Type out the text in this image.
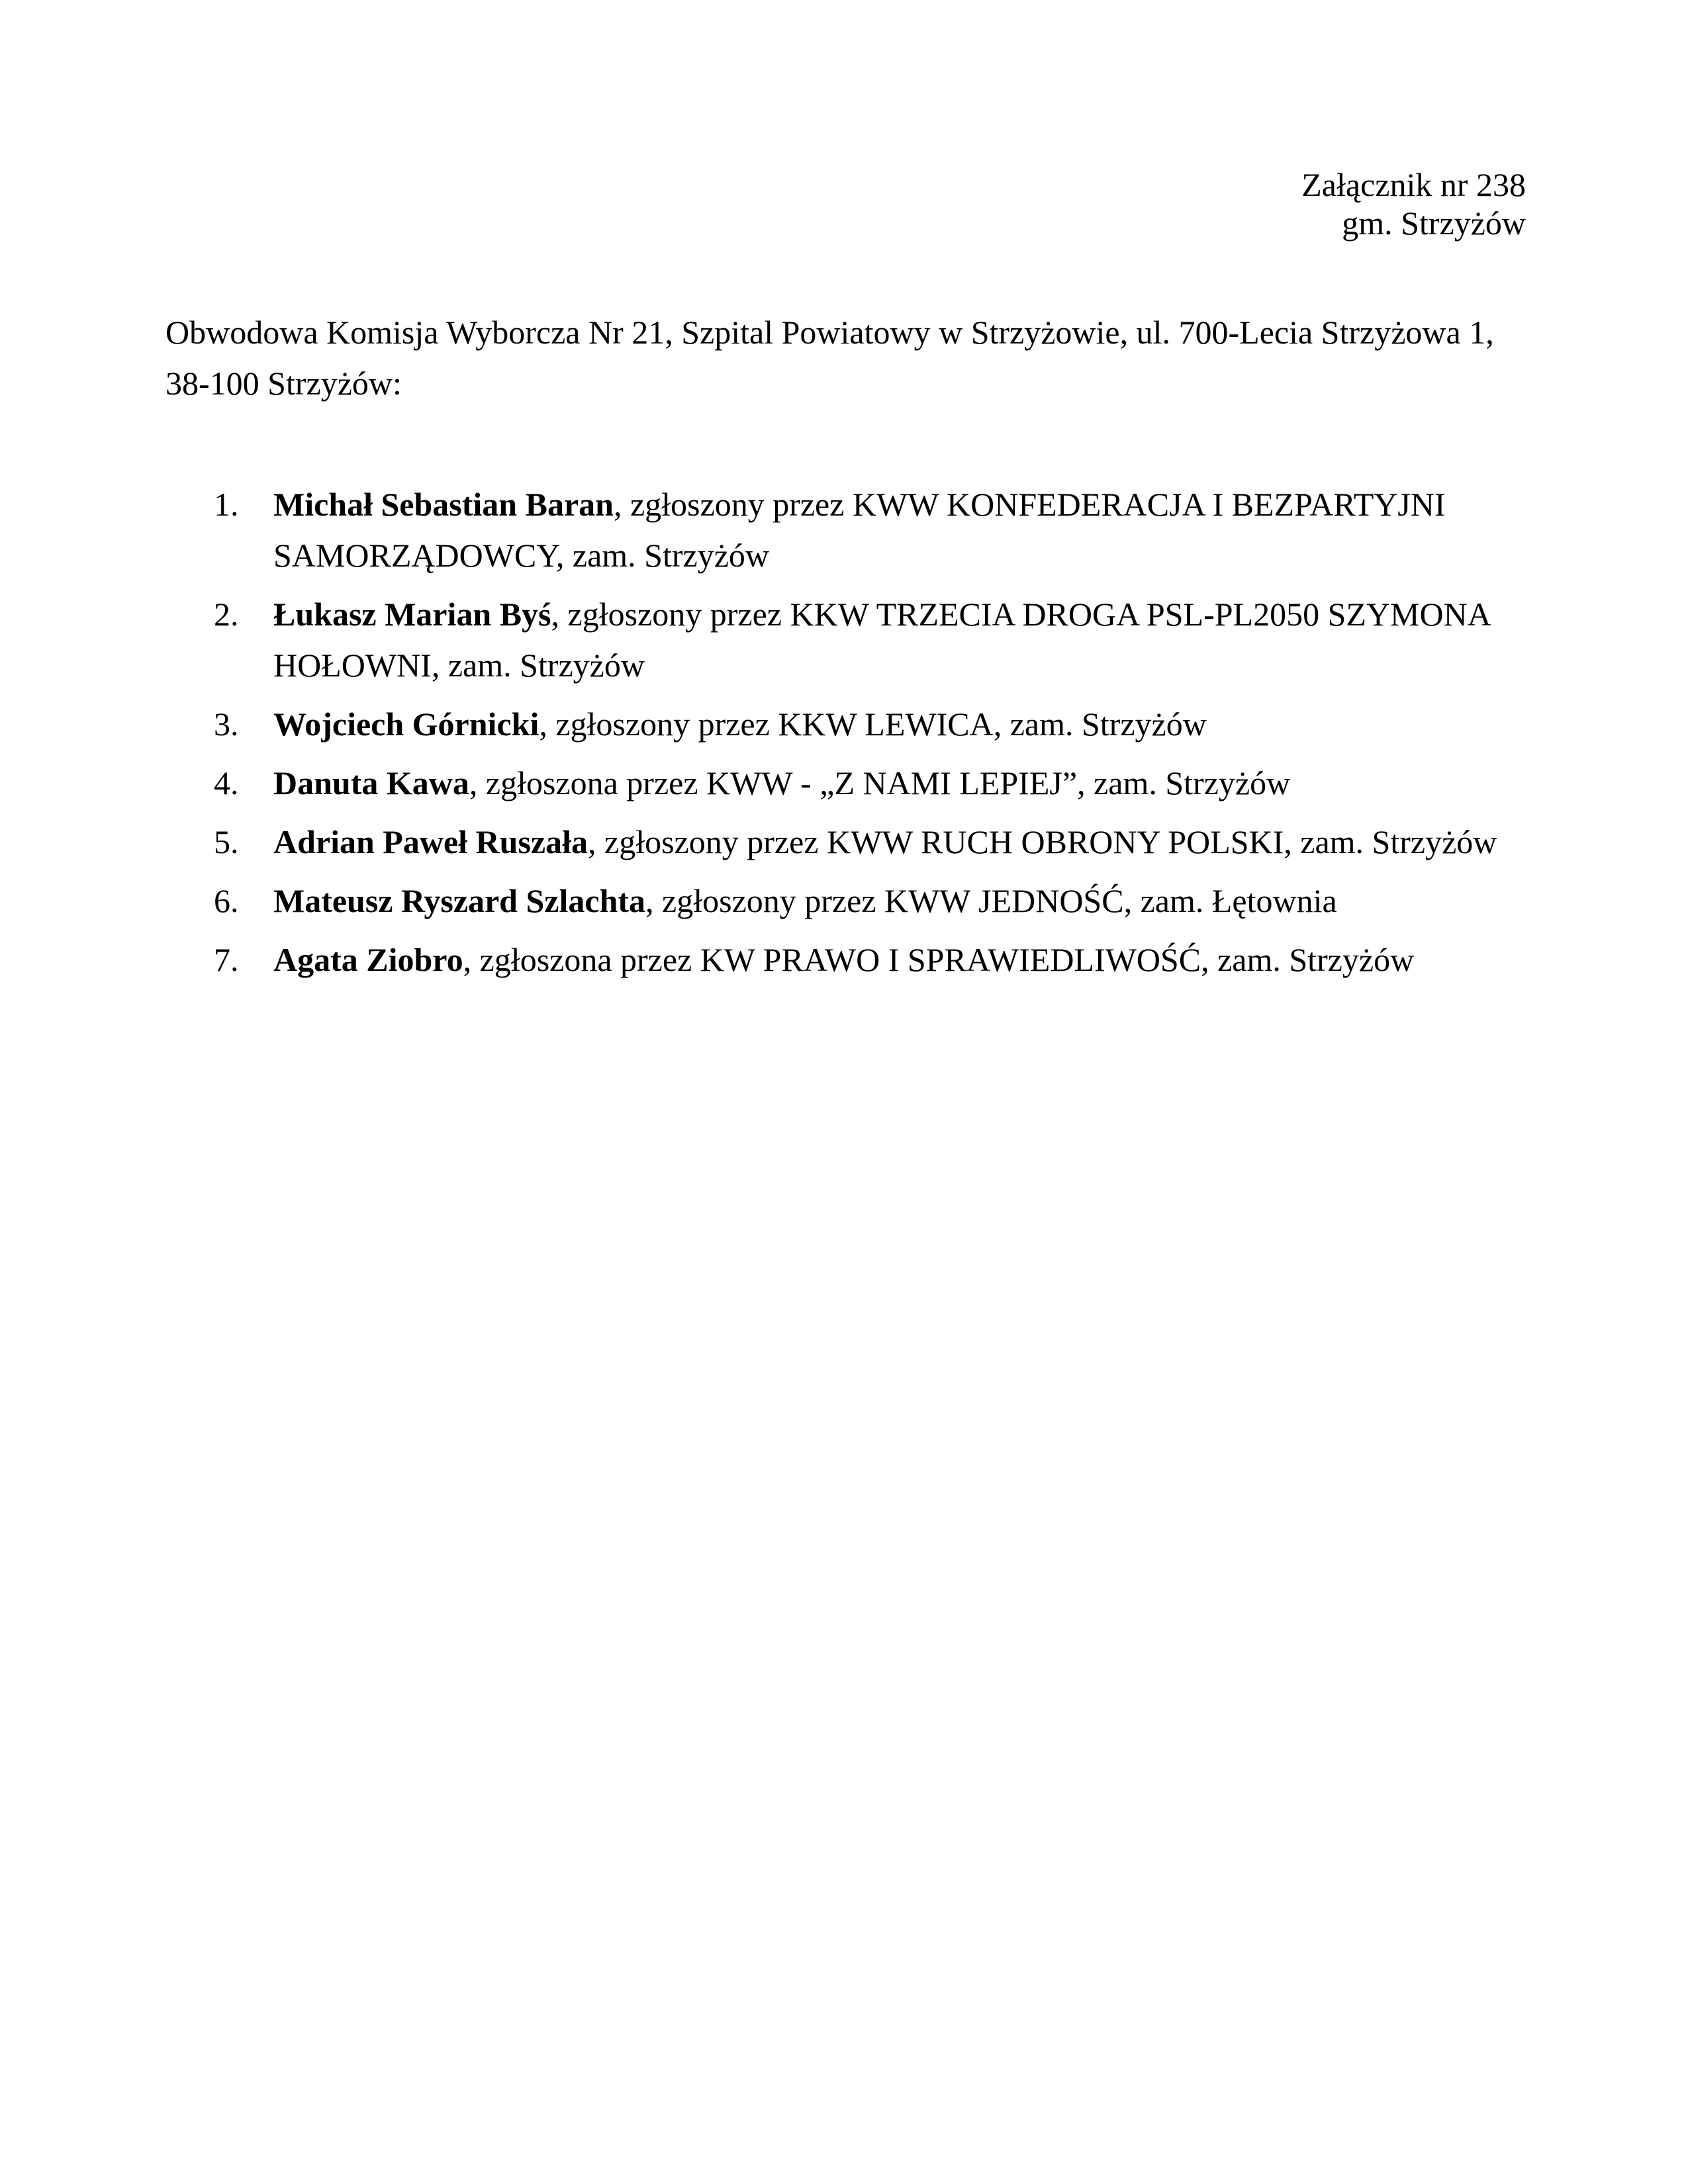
Załącznik nr 238
gm. Strzyżów

Obwodowa Komisja Wyborcza Nr 21, Szpital Powiatowy w Strzyżowie, ul. 700-Lecia Strzyżowa 1, 38-100 Strzyżów:

1. Michał Sebastian Baran, zgłoszony przez KWW KONFEDERACJA I BEZPARTYJNI SAMORZĄDOWCY, zam. Strzyżów
2. Łukasz Marian Byś, zgłoszony przez KKW TRZECIA DROGA PSL-PL2050 SZYMONA HOŁOWNI, zam. Strzyżów
3. Wojciech Górnicki, zgłoszony przez KKW LEWICA, zam. Strzyżów
4. Danuta Kawa, zgłoszona przez KWW - „Z NAMI LEPIEJ”, zam. Strzyżów
5. Adrian Paweł Ruszała, zgłoszony przez KWW RUCH OBRONY POLSKI, zam. Strzyżów
6. Mateusz Ryszard Szlachta, zgłoszony przez KWW JEDNOŚĆ, zam. Łętownia
7. Agata Ziobro, zgłoszona przez KW PRAWO I SPRAWIEDLIWOŚĆ, zam. Strzyżów
